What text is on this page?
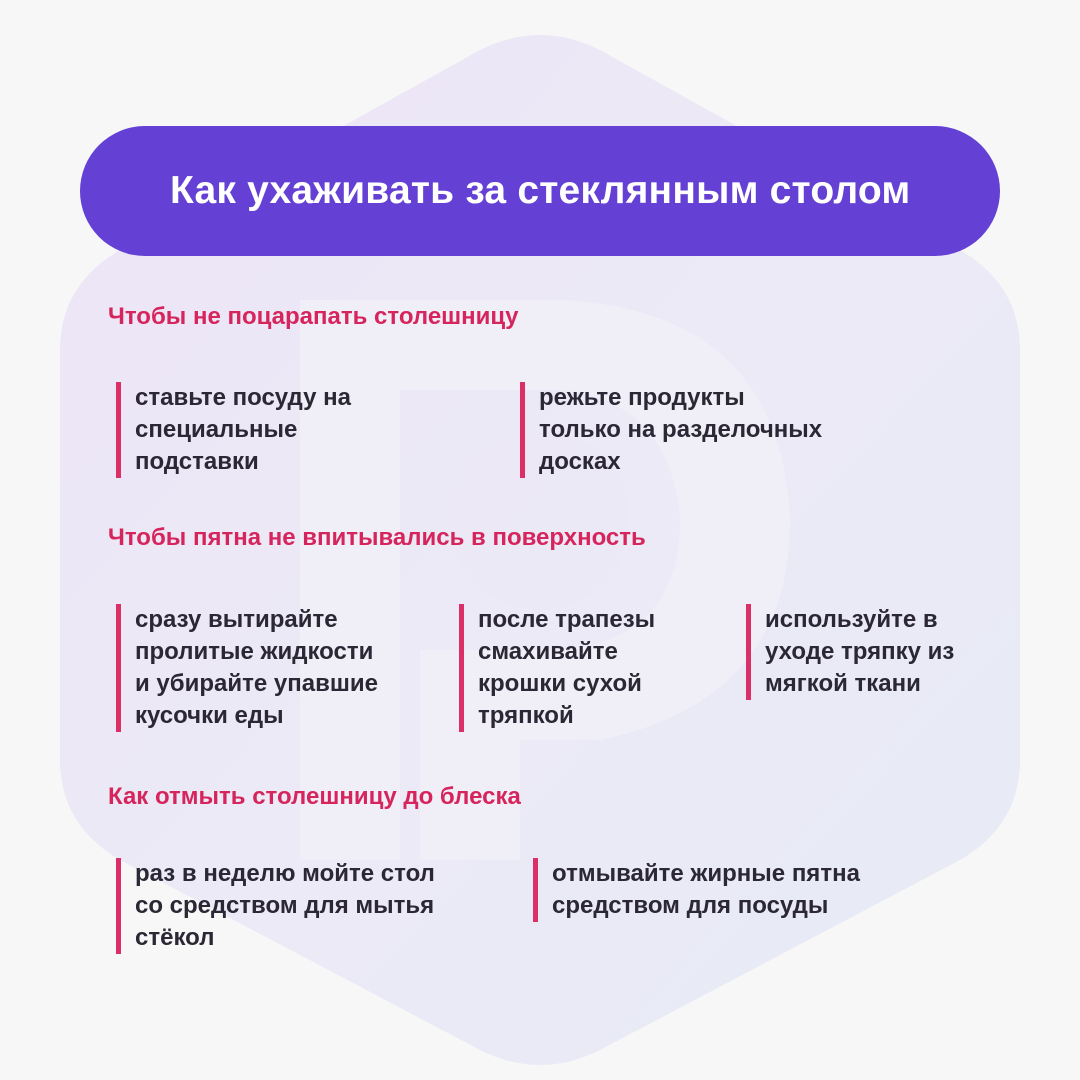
Как ухаживать за стеклянным столом
Чтобы не поцарапать столешницу
ставьте посуду на
специальные
подставки
режьте продукты
только на разделочных
досках
Чтобы пятна не впитывались в поверхность
сразу вытирайте
пролитые жидкости
и убирайте упавшие
кусочки еды
после трапезы
смахивайте
крошки сухой
тряпкой
используйте в
уходе тряпку из
мягкой ткани
Как отмыть столешницу до блеска
раз в неделю мойте стол
со средством для мытья
стёкол
отмывайте жирные пятна
средством для посуды
